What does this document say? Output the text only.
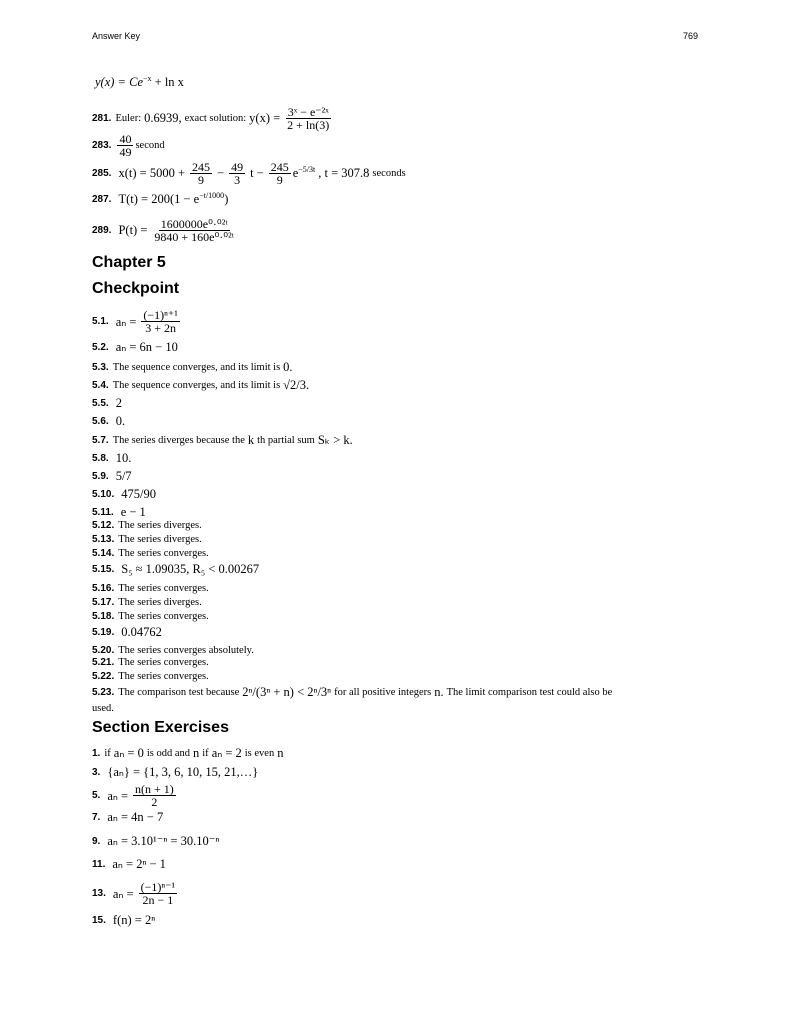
Answer Key	769
$y(x) = Ce^{-x} + \ln x$
281. Euler: 0.6939, exact solution: $y(x) = \frac{\text{3ˣ − e⁻²ˣ}}{2 + \ln(3)}$
283. $\frac{40}{49}$ second
285. $x(t) = 5000 + \frac{245}{9} - \frac{49}{3}$ $t - \frac{245}{9} e^{-5/3t}$ , t = 307.8 seconds
287. $T(t) = 200(1 - e^{-t/1000})$
289. $P(t) = \frac{\text{1600000e⁰·⁰²ᵗ}}{\text{9840 + 160e⁰·⁰²ᵗ}}$
Chapter 5
Checkpoint
Section Exercises
5.1. $a_n = \frac{\text{(−1)ⁿ⁺¹}}{3 + 2n}$
5.2. aₙ = 6n − 10
5.3. The sequence converges, and its limit is 0.
5.4. The sequence converges, and its limit is √2/3.
5.5. 2
5.6. 0.
5.7. The series diverges because the k th partial sum Sₖ > k.
5.8. 10.
5.9. 5/7
5.10. 475/90
5.11. e − 1
5.12. The series diverges.
5.13. The series diverges.
5.14. The series converges.
5.15. S₅ ≈ 1.09035, R₅ < 0.00267
5.16. The series converges.
5.17. The series diverges.
5.18. The series converges.
5.19. 0.04762
5.20. The series converges absolutely.
5.21. The series converges.
5.22. The series converges.
5.23. The comparison test because 2ⁿ/(3ⁿ + n) < 2ⁿ/3ⁿ for all positive integers n. The limit comparison test could also be
used.
1. if aₙ = 0 is odd and n if aₙ = 2 is even n
3. {aₙ} = {1, 3, 6, 10, 15, 21,…}
5. $a_n = \frac{n(n + 1)}{2}$
7. aₙ = 4n − 7
9. aₙ = 3.10¹⁻ⁿ = 30.10⁻ⁿ
11. aₙ = 2ⁿ − 1
13. $a_n = \frac{\text{(−1)ⁿ⁻¹}}{2n - 1}$
15. f(n) = 2ⁿ
